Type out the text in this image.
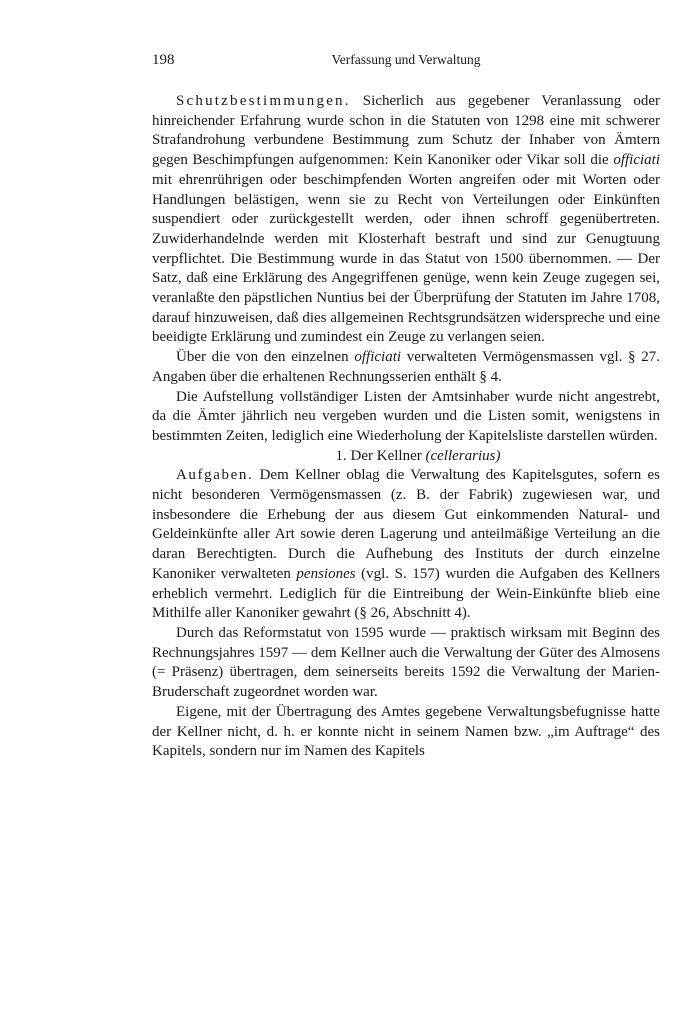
198	Verfassung und Verwaltung

Schutzbestimmungen. Sicherlich aus gegebener Veranlassung oder hinreichender Erfahrung wurde schon in die Statuten von 1298 eine mit schwerer Strafandrohung verbundene Bestimmung zum Schutz der Inhaber von Ämtern gegen Beschimpfungen aufgenommen: Kein Kanoniker oder Vikar soll die officiati mit ehrenrührigen oder beschimpfenden Worten angreifen oder mit Worten oder Handlungen belästigen, wenn sie zu Recht von Verteilungen oder Einkünften suspendiert oder zurückgestellt werden, oder ihnen schroff gegenübertreten. Zuwiderhandelnde werden mit Klosterhaft bestraft und sind zur Genugtuung verpflichtet. Die Bestimmung wurde in das Statut von 1500 übernommen. — Der Satz, daß eine Erklärung des Angegriffenen genüge, wenn kein Zeuge zugegen sei, veranlaßte den päpstlichen Nuntius bei der Überprüfung der Statuten im Jahre 1708, darauf hinzuweisen, daß dies allgemeinen Rechtsgrundsätzen widerspreche und eine beeidigte Erklärung und zumindest ein Zeuge zu verlangen seien.

Über die von den einzelnen officiati verwalteten Vermögensmassen vgl. § 27. Angaben über die erhaltenen Rechnungsserien enthält § 4.

Die Aufstellung vollständiger Listen der Amtsinhaber wurde nicht angestrebt, da die Ämter jährlich neu vergeben wurden und die Listen somit, wenigstens in bestimmten Zeiten, lediglich eine Wiederholung der Kapitelsliste darstellen würden.

1. Der Kellner (cellerarius)

Aufgaben. Dem Kellner oblag die Verwaltung des Kapitelsgutes, sofern es nicht besonderen Vermögensmassen (z. B. der Fabrik) zugewiesen war, und insbesondere die Erhebung der aus diesem Gut einkommenden Natural- und Geldeinkünfte aller Art sowie deren Lagerung und anteilmäßige Verteilung an die daran Berechtigten. Durch die Aufhebung des Instituts der durch einzelne Kanoniker verwalteten pensiones (vgl. S. 157) wurden die Aufgaben des Kellners erheblich vermehrt. Lediglich für die Eintreibung der Wein-Einkünfte blieb eine Mithilfe aller Kanoniker gewahrt (§ 26, Abschnitt 4).

Durch das Reformstatut von 1595 wurde — praktisch wirksam mit Beginn des Rechnungsjahres 1597 — dem Kellner auch die Verwaltung der Güter des Almosens (= Präsenz) übertragen, dem seinerseits bereits 1592 die Verwaltung der Marien-Bruderschaft zugeordnet worden war.

Eigene, mit der Übertragung des Amtes gegebene Verwaltungsbefugnisse hatte der Kellner nicht, d. h. er konnte nicht in seinem Namen bzw. „im Auftrage“ des Kapitels, sondern nur im Namen des Kapitels
